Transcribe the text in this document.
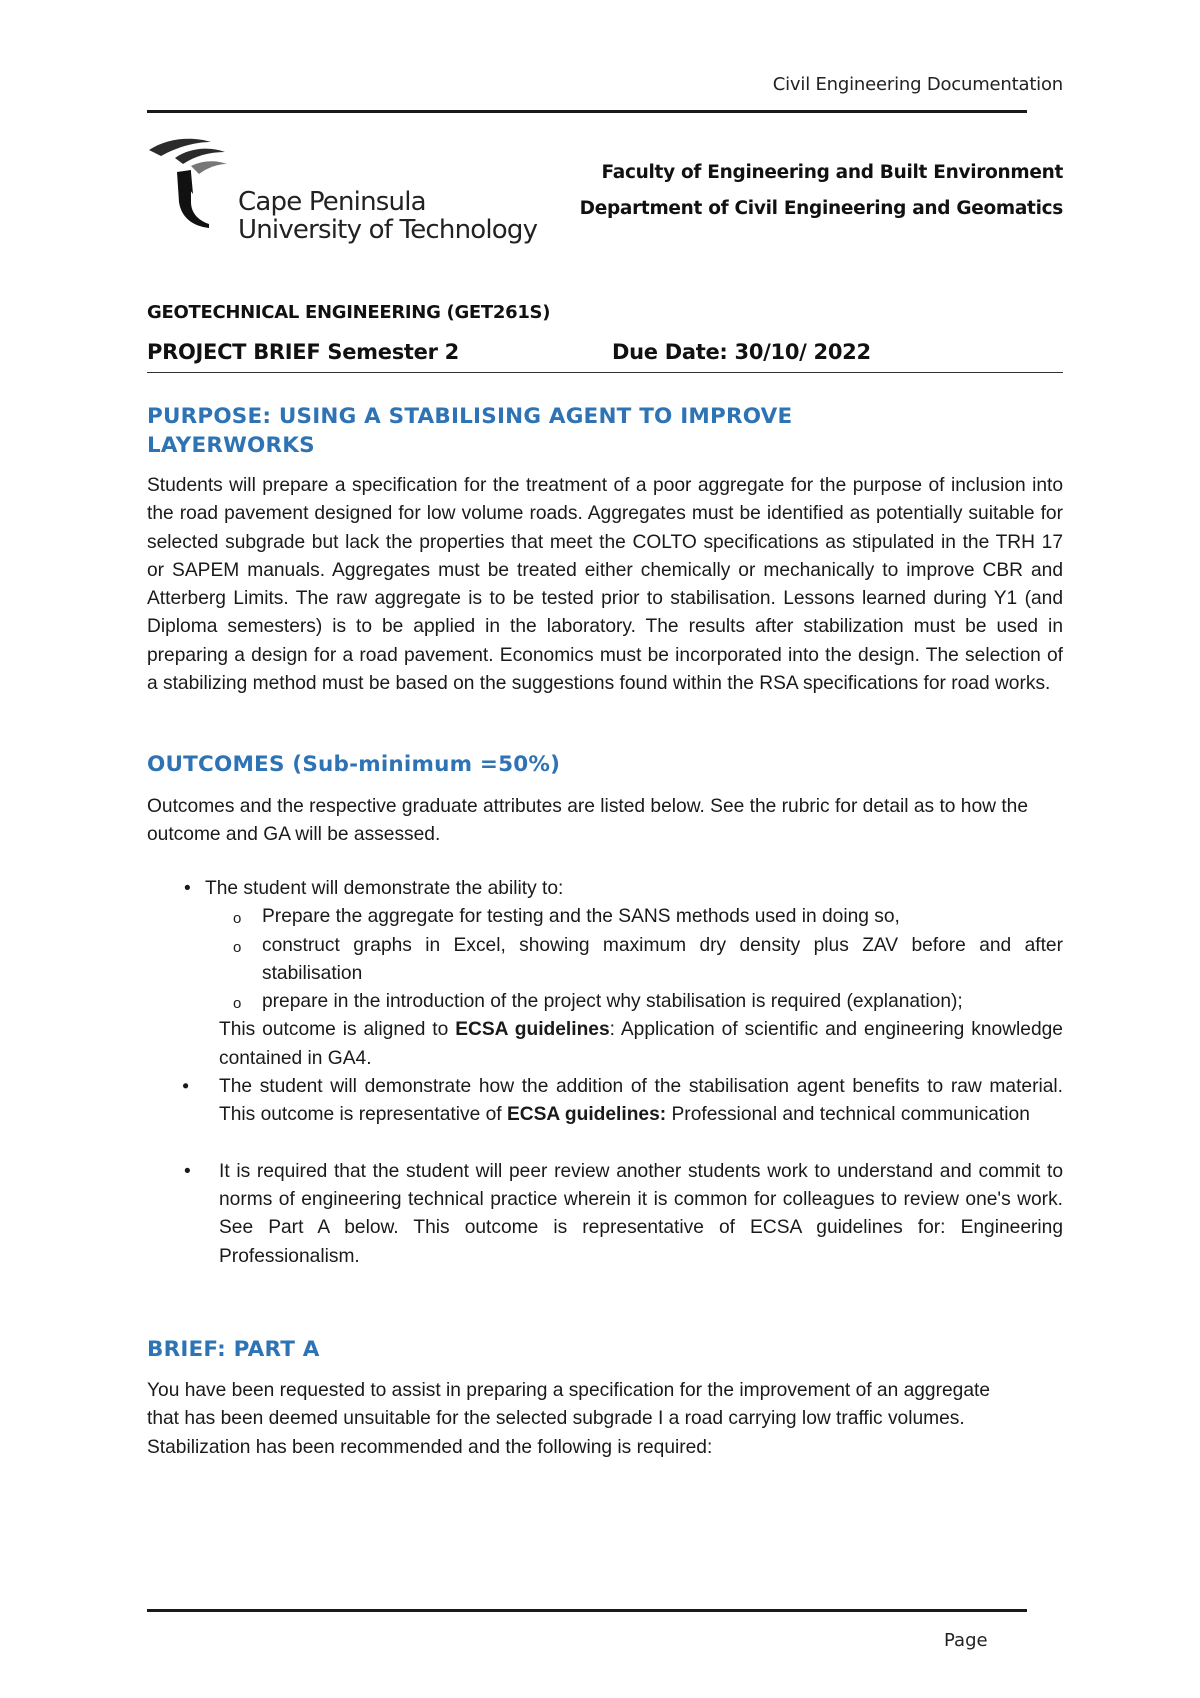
Civil Engineering Documentation
Cape Peninsula
University of Technology
Faculty of Engineering and Built Environment
Department of Civil Engineering and Geomatics
GEOTECHNICAL ENGINEERING (GET261S)
PROJECT BRIEF Semester 2	Due Date: 30/10/ 2022
PURPOSE: USING A STABILISING AGENT TO IMPROVE
LAYERWORKS
Students will prepare a specification for the treatment of a poor aggregate for the purpose of inclusion into the road pavement designed for low volume roads. Aggregates must be identified as potentially suitable for selected subgrade but lack the properties that meet the COLTO specifications as stipulated in the TRH 17 or SAPEM manuals. Aggregates must be treated either chemically or mechanically to improve CBR and Atterberg Limits. The raw aggregate is to be tested prior to stabilisation. Lessons learned during Y1 (and Diploma semesters) is to be applied in the laboratory. The results after stabilization must be used in preparing a design for a road pavement. Economics must be incorporated into the design. The selection of a stabilizing method must be based on the suggestions found within the RSA specifications for road works.
OUTCOMES (Sub-minimum =50%)
Outcomes and the respective graduate attributes are listed below. See the rubric for detail as to how the outcome and GA will be assessed.
• The student will demonstrate the ability to:
o Prepare the aggregate for testing and the SANS methods used in doing so,
o construct graphs in Excel, showing maximum dry density plus ZAV before and after stabilisation
o prepare in the introduction of the project why stabilisation is required (explanation);
This outcome is aligned to ECSA guidelines: Application of scientific and engineering knowledge contained in GA4.
• The student will demonstrate how the addition of the stabilisation agent benefits to raw material. This outcome is representative of ECSA guidelines: Professional and technical communication
• It is required that the student will peer review another students work to understand and commit to norms of engineering technical practice wherein it is common for colleagues to review one's work. See Part A below. This outcome is representative of ECSA guidelines for: Engineering Professionalism.
BRIEF: PART A
You have been requested to assist in preparing a specification for the improvement of an aggregate that has been deemed unsuitable for the selected subgrade I a road carrying low traffic volumes. Stabilization has been recommended and the following is required:
Page
